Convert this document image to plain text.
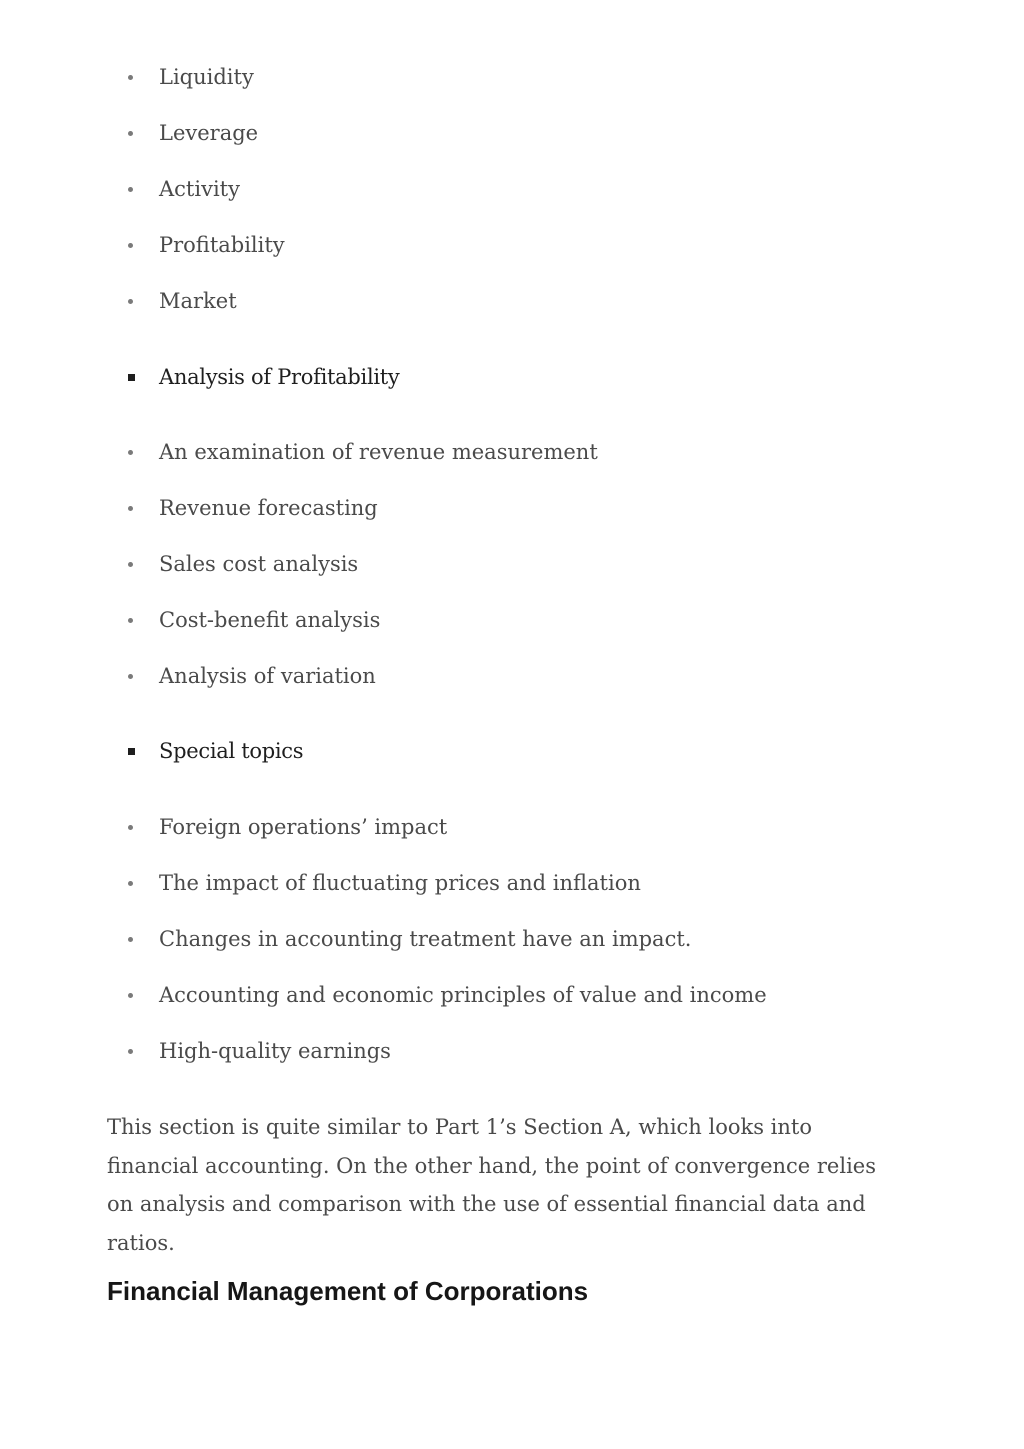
Liquidity
Leverage
Activity
Profitability
Market
Analysis of Profitability
An examination of revenue measurement
Revenue forecasting
Sales cost analysis
Cost-benefit analysis
Analysis of variation
Special topics
Foreign operations’ impact
The impact of fluctuating prices and inflation
Changes in accounting treatment have an impact.
Accounting and economic principles of value and income
High-quality earnings

This section is quite similar to Part 1’s Section A, which looks into financial accounting. On the other hand, the point of convergence relies on analysis and comparison with the use of essential financial data and ratios.

Financial Management of Corporations
